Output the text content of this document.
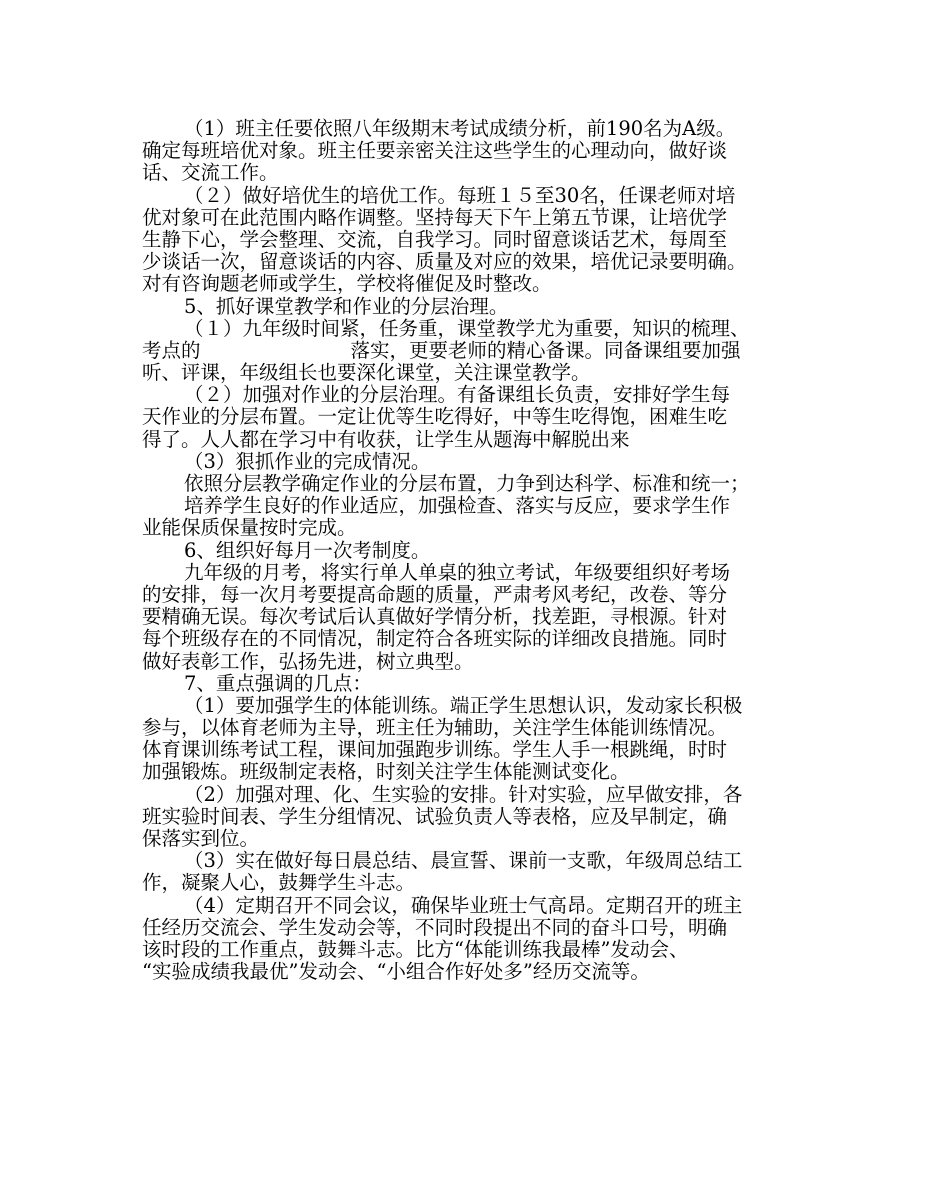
（1）班主任要依照八年级期末考试成绩分析，前190名为A级。
确定每班培优对象。班主任要亲密关注这些学生的心理动向，做好谈
话、交流工作。
（２）做好培优生的培优工作。每班１５至30名，任课老师对培
优对象可在此范围内略作调整。坚持每天下午上第五节课，让培优学
生静下心，学会整理、交流，自我学习。同时留意谈话艺术，每周至
少谈话一次，留意谈话的内容、质量及对应的效果，培优记录要明确。
对有咨询题老师或学生，学校将催促及时整改。
5、抓好课堂教学和作业的分层治理。
（１）九年级时间紧，任务重，课堂教学尤为重要，知识的梳理、
考点的	落实，更要老师的精心备课。同备课组要加强
听、评课，年级组长也要深化课堂，关注课堂教学。
（２）加强对作业的分层治理。有备课组长负责，安排好学生每
天作业的分层布置。一定让优等生吃得好，中等生吃得饱，困难生吃
得了。人人都在学习中有收获，让学生从题海中解脱出来
（3）狠抓作业的完成情况。
依照分层教学确定作业的分层布置，力争到达科学、标准和统一；
培养学生良好的作业适应，加强检查、落实与反应，要求学生作
业能保质保量按时完成。
6、组织好每月一次考制度。
九年级的月考，将实行单人单桌的独立考试，年级要组织好考场
的安排，每一次月考要提高命题的质量，严肃考风考纪，改卷、等分
要精确无误。每次考试后认真做好学情分析，找差距，寻根源。针对
每个班级存在的不同情况，制定符合各班实际的详细改良措施。同时
做好表彰工作，弘扬先进，树立典型。
7、重点强调的几点：
（1）要加强学生的体能训练。端正学生思想认识，发动家长积极
参与，以体育老师为主导，班主任为辅助，关注学生体能训练情况。
体育课训练考试工程，课间加强跑步训练。学生人手一根跳绳，时时
加强锻炼。班级制定表格，时刻关注学生体能测试变化。
（2）加强对理、化、生实验的安排。针对实验，应早做安排，各
班实验时间表、学生分组情况、试验负责人等表格，应及早制定，确
保落实到位。
（3）实在做好每日晨总结、晨宣誓、课前一支歌，年级周总结工
作，凝聚人心，鼓舞学生斗志。
（4）定期召开不同会议，确保毕业班士气高昂。定期召开的班主
任经历交流会、学生发动会等，不同时段提出不同的奋斗口号，明确
该时段的工作重点，鼓舞斗志。比方“体能训练我最棒”发动会、
“实验成绩我最优”发动会、“小组合作好处多”经历交流等。
